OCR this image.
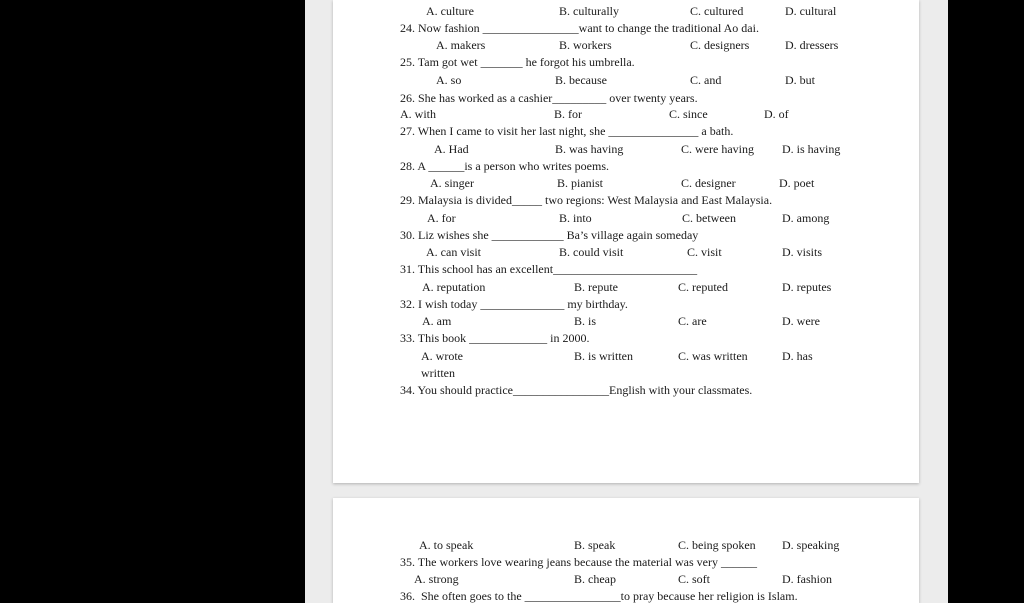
A. culture	B. culturally	C. cultured	D. cultural
24. Now fashion ________________want to change the traditional Ao dai.
A. makers	B. workers	C. designers	D. dressers
25. Tam got wet _______ he forgot his umbrella.
A. so	B. because	C. and	D. but
26. She has worked as a cashier_________ over twenty years.
A. with	B. for	C. since	D. of
27. When I came to visit her last night, she _______________ a bath.
A. Had	B. was having	C. were having D. is having
28. A ______is a person who writes poems.
A. singer	B. pianist	C. designer	D. poet
29. Malaysia is divided_____ two regions: West Malaysia and East Malaysia.
A. for	B. into	C. between	D. among
30. Liz wishes she ____________ Ba’s village again someday
A. can visit	B. could visit	C. visit	D. visits
31. This school has an excellent________________________
A. reputation	B. repute	C. reputed	D. reputes
32. I wish today ______________ my birthday.
A. am	B. is	C. are	D. were
33. This book _____________ in 2000.
A. wrote	B. is written	C. was written	D. has
written
34. You should practice________________English with your classmates.
A. to speak	B. speak	C. being spoken D. speaking
35. The workers love wearing jeans because the material was very ______
A. strong	B. cheap	C. soft	D. fashion
36.  She often goes to the ________________to pray because her religion is Islam.
